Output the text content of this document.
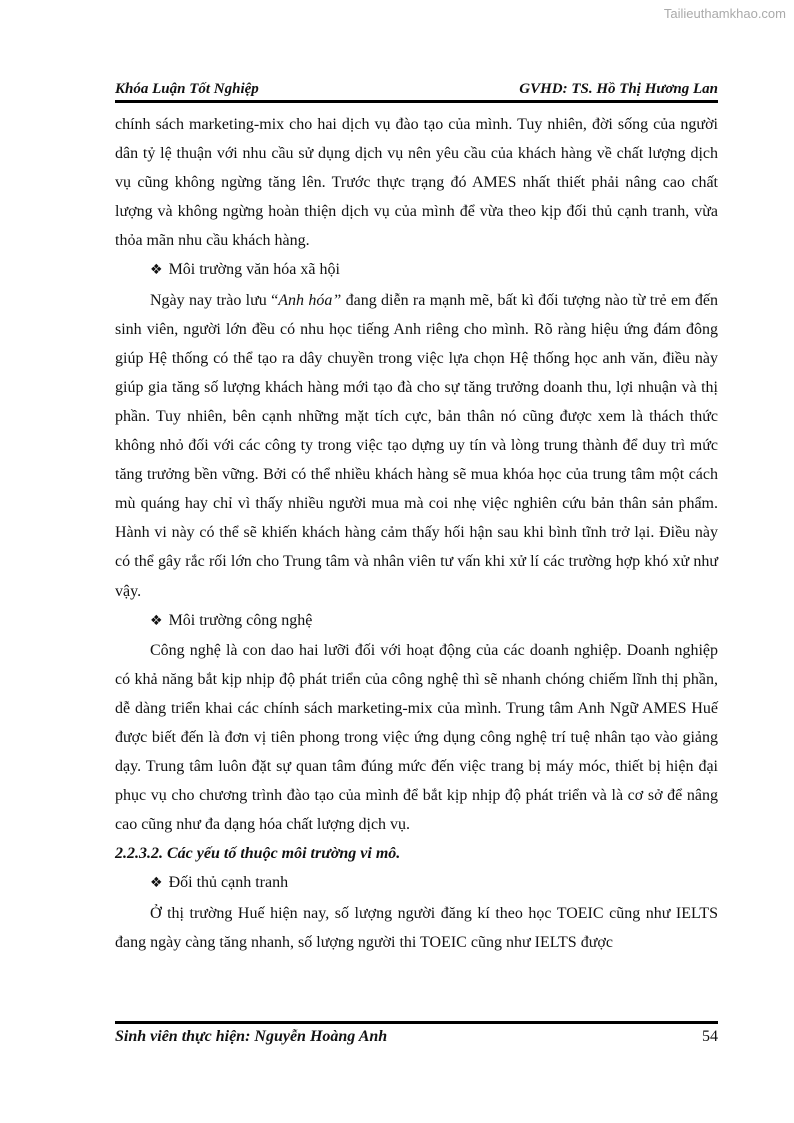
Tailieuthamkhao.com
Khóa Luận Tốt Nghiệp	GVHD: TS. Hồ Thị Hương Lan

chính sách marketing-mix cho hai dịch vụ đào tạo của mình. Tuy nhiên, đời sống của người dân tỷ lệ thuận với nhu cầu sử dụng dịch vụ nên yêu cầu của khách hàng về chất lượng dịch vụ cũng không ngừng tăng lên. Trước thực trạng đó AMES nhất thiết phải nâng cao chất lượng và không ngừng hoàn thiện dịch vụ của mình để vừa theo kịp đối thủ cạnh tranh, vừa thỏa mãn nhu cầu khách hàng.

❖ Môi trường văn hóa xã hội

Ngày nay trào lưu “Anh hóa” đang diễn ra mạnh mẽ, bất kì đối tượng nào từ trẻ em đến sinh viên, người lớn đều có nhu học tiếng Anh riêng cho mình. Rõ ràng hiệu ứng đám đông giúp Hệ thống có thể tạo ra dây chuyền trong việc lựa chọn Hệ thống học anh văn, điều này giúp gia tăng số lượng khách hàng mới tạo đà cho sự tăng trưởng doanh thu, lợi nhuận và thị phần. Tuy nhiên, bên cạnh những mặt tích cực, bản thân nó cũng được xem là thách thức không nhỏ đối với các công ty trong việc tạo dựng uy tín và lòng trung thành để duy trì mức tăng trưởng bền vững. Bởi có thể nhiều khách hàng sẽ mua khóa học của trung tâm một cách mù quáng hay chỉ vì thấy nhiều người mua mà coi nhẹ việc nghiên cứu bản thân sản phẩm. Hành vi này có thể sẽ khiến khách hàng cảm thấy hối hận sau khi bình tĩnh trở lại. Điều này có thể gây rắc rối lớn cho Trung tâm và nhân viên tư vấn khi xử lí các trường hợp khó xử như vậy.

❖ Môi trường công nghệ

Công nghệ là con dao hai lưỡi đối với hoạt động của các doanh nghiệp. Doanh nghiệp có khả năng bắt kịp nhịp độ phát triển của công nghệ thì sẽ nhanh chóng chiếm lĩnh thị phần, dễ dàng triển khai các chính sách marketing-mix của mình. Trung tâm Anh Ngữ AMES Huế được biết đến là đơn vị tiên phong trong việc ứng dụng công nghệ trí tuệ nhân tạo vào giảng dạy. Trung tâm luôn đặt sự quan tâm đúng mức đến việc trang bị máy móc, thiết bị hiện đại phục vụ cho chương trình đào tạo của mình để bắt kịp nhịp độ phát triển và là cơ sở để nâng cao cũng như đa dạng hóa chất lượng dịch vụ.

2.2.3.2. Các yếu tố thuộc môi trường vi mô.

❖ Đối thủ cạnh tranh

Ở thị trường Huế hiện nay, số lượng người đăng kí theo học TOEIC cũng như IELTS đang ngày càng tăng nhanh, số lượng người thi TOEIC cũng như IELTS được

Sinh viên thực hiện: Nguyễn Hoàng Anh	54
